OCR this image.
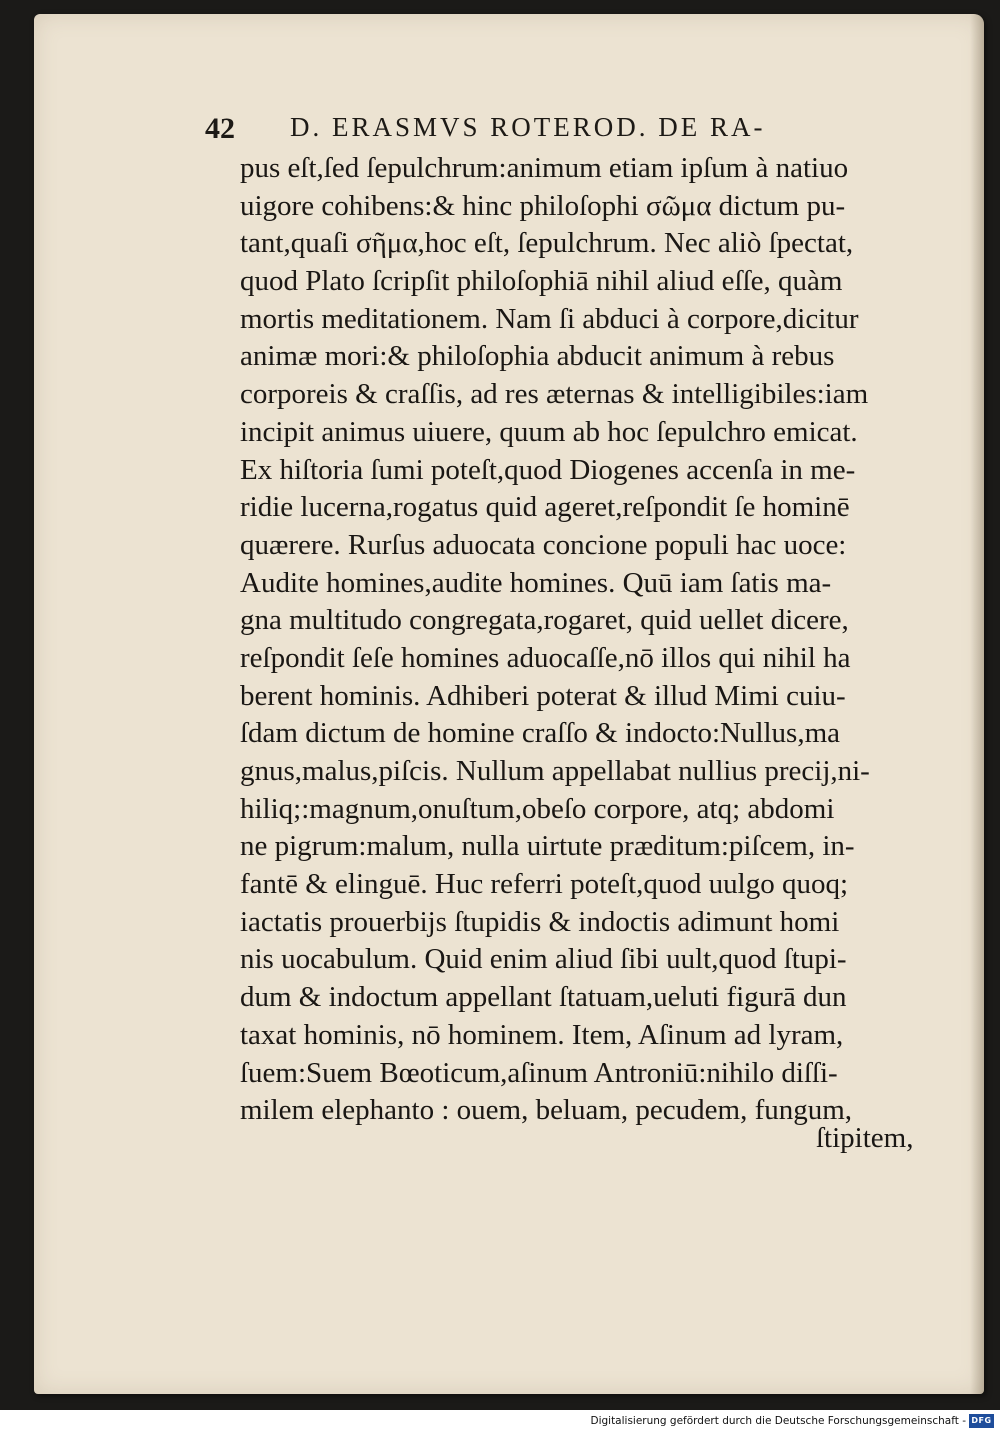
42 D. ERASMVS ROTEROD. DE RA-
pus eſt,ſed ſepulchrum:animum etiam ipſum à natiuo
uigore cohibens:& hinc philoſophi σῶμα dictum pu-
tant,quaſi σῆμα,hoc eſt, ſepulchrum. Nec aliò ſpectat,
quod Plato ſcripſit philoſophiā nihil aliud eſſe, quàm
mortis meditationem. Nam ſi abduci à corpore,dicitur
animæ mori:& philoſophia abducit animum à rebus
corporeis & craſſis, ad res æternas & intelligibiles:iam
incipit animus uiuere, quum ab hoc ſepulchro emicat.
Ex hiſtoria ſumi poteſt,quod Diogenes accenſa in me-
ridie lucerna,rogatus quid ageret,reſpondit ſe hominē
quærere. Rurſus aduocata concione populi hac uoce:
Audite homines,audite homines. Quū iam ſatis ma-
gna multitudo congregata,rogaret, quid uellet dicere,
reſpondit ſeſe homines aduocaſſe,nō illos qui nihil ha
berent hominis. Adhiberi poterat & illud Mimi cuiu-
ſdam dictum de homine craſſo & indocto:Nullus,ma
gnus,malus,piſcis. Nullum appellabat nullius precij,ni-
hiliq;:magnum,onuſtum,obeſo corpore, atq; abdomi
ne pigrum:malum, nulla uirtute præditum:piſcem, in-
fantē & elinguē. Huc referri poteſt,quod uulgo quoq;
iactatis prouerbijs ſtupidis & indoctis adimunt homi
nis uocabulum. Quid enim aliud ſibi uult,quod ſtupi-
dum & indoctum appellant ſtatuam,ueluti figurā dun
taxat hominis, nō hominem. Item, Aſinum ad lyram,
ſuem:Suem Bœoticum,aſinum Antroniū:nihilo diſſi-
milem elephanto : ouem, beluam, pecudem, fungum,
ſtipitem,
Digitalisierung gefördert durch die Deutsche Forschungsgemeinschaft - DFG
